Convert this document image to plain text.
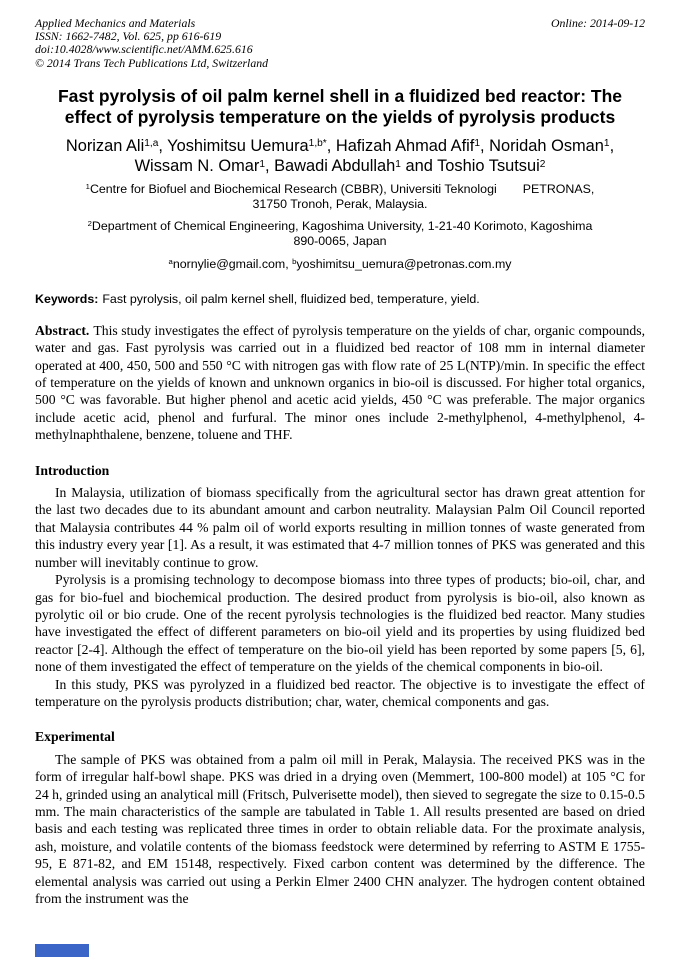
Applied Mechanics and Materials
ISSN: 1662-7482, Vol. 625, pp 616-619
doi:10.4028/www.scientific.net/AMM.625.616
© 2014 Trans Tech Publications Ltd, Switzerland
Online: 2014-09-12
Fast pyrolysis of oil palm kernel shell in a fluidized bed reactor: The
effect of pyrolysis temperature on the yields of pyrolysis products
Norizan Ali$^{1,a}$, Yoshimitsu Uemura$^{1,b*}$, Hafizah Ahmad Afif$^1$, Noridah Osman$^1$,
Wissam N. Omar$^1$, Bawadi Abdullah$^1$ and Toshio Tsutsui$^2$
$^1$Centre for Biofuel and Biochemical Research (CBBR), Universiti Teknologi PETRONAS,
31750 Tronoh, Perak, Malaysia.
$^2$Department of Chemical Engineering, Kagoshima University, 1-21-40 Korimoto, Kagoshima
890-0065, Japan
$^a$nornylie@gmail.com, $^b$yoshimitsu_uemura@petronas.com.my
Keywords: Fast pyrolysis, oil palm kernel shell, fluidized bed, temperature, yield.
Abstract. This study investigates the effect of pyrolysis temperature on the yields of char, organic compounds, water and gas. Fast pyrolysis was carried out in a fluidized bed reactor of 108 mm in internal diameter operated at 400, 450, 500 and 550 °C with nitrogen gas with flow rate of 25 L(NTP)/min. In specific the effect of temperature on the yields of known and unknown organics in bio-oil is discussed. For higher total organics, 500 °C was favorable. But higher phenol and acetic acid yields, 450 °C was preferable. The major organics include acetic acid, phenol and furfural. The minor ones include 2-methylphenol, 4-methylphenol, 4-methylnaphthalene, benzene, toluene and THF.
Introduction

In Malaysia, utilization of biomass specifically from the agricultural sector has drawn great attention for the last two decades due to its abundant amount and carbon neutrality. Malaysian Palm Oil Council reported that Malaysia contributes 44 % palm oil of world exports resulting in million tonnes of waste generated from this industry every year [1]. As a result, it was estimated that 4-7 million tonnes of PKS was generated and this number will inevitably continue to grow.

Pyrolysis is a promising technology to decompose biomass into three types of products; bio-oil, char, and gas for bio-fuel and biochemical production. The desired product from pyrolysis is bio-oil, also known as pyrolytic oil or bio crude. One of the recent pyrolysis technologies is the fluidized bed reactor. Many studies have investigated the effect of different parameters on bio-oil yield and its properties by using fluidized bed reactor [2-4]. Although the effect of temperature on the bio-oil yield has been reported by some papers [5, 6], none of them investigated the effect of temperature on the yields of the chemical components in bio-oil.

In this study, PKS was pyrolyzed in a fluidized bed reactor. The objective is to investigate the effect of temperature on the pyrolysis products distribution; char, water, chemical components and gas.

Experimental

The sample of PKS was obtained from a palm oil mill in Perak, Malaysia. The received PKS was in the form of irregular half-bowl shape. PKS was dried in a drying oven (Memmert, 100-800 model) at 105 °C for 24 h, grinded using an analytical mill (Fritsch, Pulverisette model), then sieved to segregate the size to 0.15-0.5 mm. The main characteristics of the sample are tabulated in Table 1. All results presented are based on dried basis and each testing was replicated three times in order to obtain reliable data. For the proximate analysis, ash, moisture, and volatile contents of the biomass feedstock were determined by referring to ASTM E 1755-95, E 871-82, and EM 15148, respectively. Fixed carbon content was determined by the difference. The elemental analysis was carried out using a Perkin Elmer 2400 CHN analyzer. The hydrogen content obtained from the instrument was the
